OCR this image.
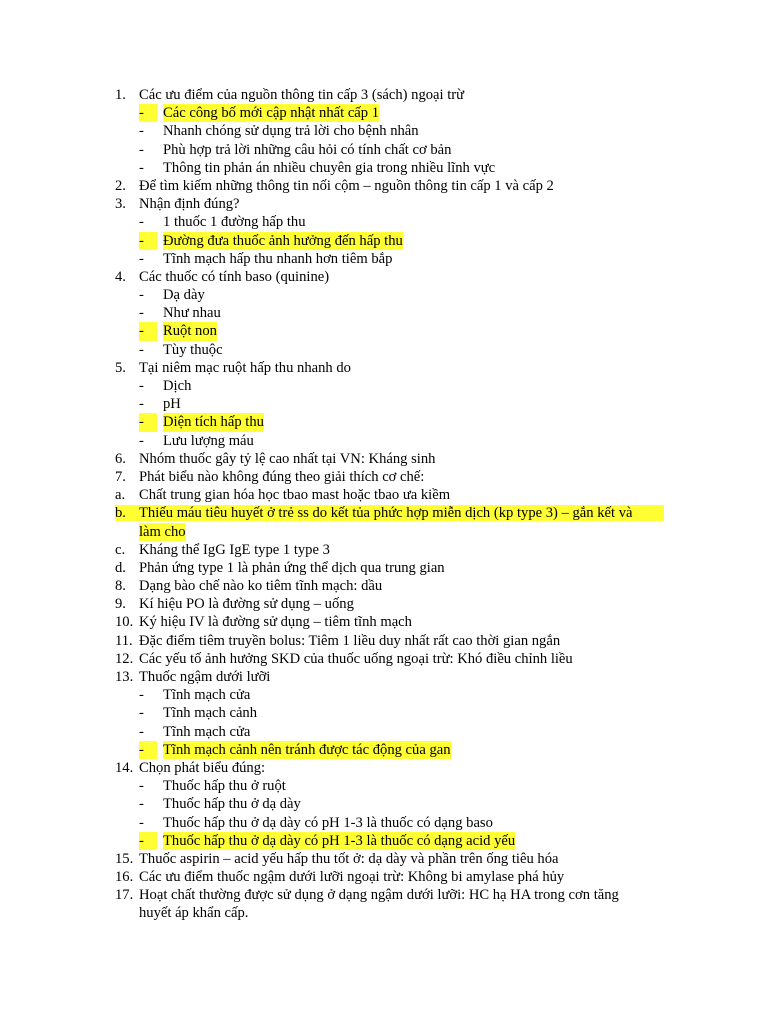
1. Các ưu điểm của nguồn thông tin cấp 3 (sách) ngoại trừ
-	Các công bố mới cập nhật nhất cấp 1
- Nhanh chóng sử dụng trả lời cho bệnh nhân
- Phù hợp trả lời những câu hỏi có tính chất cơ bản
- Thông tin phản án nhiều chuyên gia trong nhiều lĩnh vực
2. Để tìm kiếm những thông tin nối cộm – nguồn thông tin cấp 1 và cấp 2
3. Nhận định đúng?
- 1 thuốc 1 đường hấp thu
-	Đường đưa thuốc ảnh hưởng đến hấp thu
- Tĩnh mạch hấp thu nhanh hơn tiêm bắp
4. Các thuốc có tính baso (quinine)
- Dạ dày
- Như nhau
-	Ruột non
- Tùy thuộc
5. Tại niêm mạc ruột hấp thu nhanh do
- Dịch
- pH
-	Diện tích hấp thu
- Lưu lượng máu
6. Nhóm thuốc gây tỷ lệ cao nhất tại VN: Kháng sinh
7. Phát biểu nào không đúng theo giải thích cơ chế:
a. Chất trung gian hóa học tbao mast hoặc tbao ưa kiềm
b. Thiếu máu tiêu huyết ở trẻ ss do kết tủa phức hợp miễn dịch (kp type 3) – gắn kết và
làm cho
c. Kháng thể IgG IgE type 1 type 3
d. Phản ứng type 1 là phản ứng thể dịch qua trung gian
8. Dạng bào chế nào ko tiêm tĩnh mạch: dầu
9. Kí hiệu PO là đường sử dụng – uống
10. Ký hiệu IV là đường sử dụng – tiêm tĩnh mạch
11. Đặc điểm tiêm truyền bolus: Tiêm 1 liều duy nhất rất cao thời gian ngắn
12. Các yếu tố ảnh hưởng SKD của thuốc uống ngoại trừ: Khó điều chỉnh liều
13. Thuốc ngậm dưới lưỡi
- Tĩnh mạch cửa
- Tĩnh mạch cảnh
- Tĩnh mạch cửa
-	Tĩnh mạch cảnh nên tránh được tác động của gan
14. Chọn phát biểu đúng:
- Thuốc hấp thu ở ruột
- Thuốc hấp thu ở dạ dày
- Thuốc hấp thu ở dạ dày có pH 1-3 là thuốc có dạng baso
-	Thuốc hấp thu ở dạ dày có pH 1-3 là thuốc có dạng acid yếu
15. Thuốc aspirin – acid yếu hấp thu tốt ở: dạ dày và phần trên ống tiêu hóa
16. Các ưu điểm thuốc ngậm dưới lưỡi ngoại trừ: Không bi amylase phá hủy
17. Hoạt chất thường được sử dụng ở dạng ngậm dưới lưỡi: HC hạ HA trong cơn tăng
huyết áp khẩn cấp.
